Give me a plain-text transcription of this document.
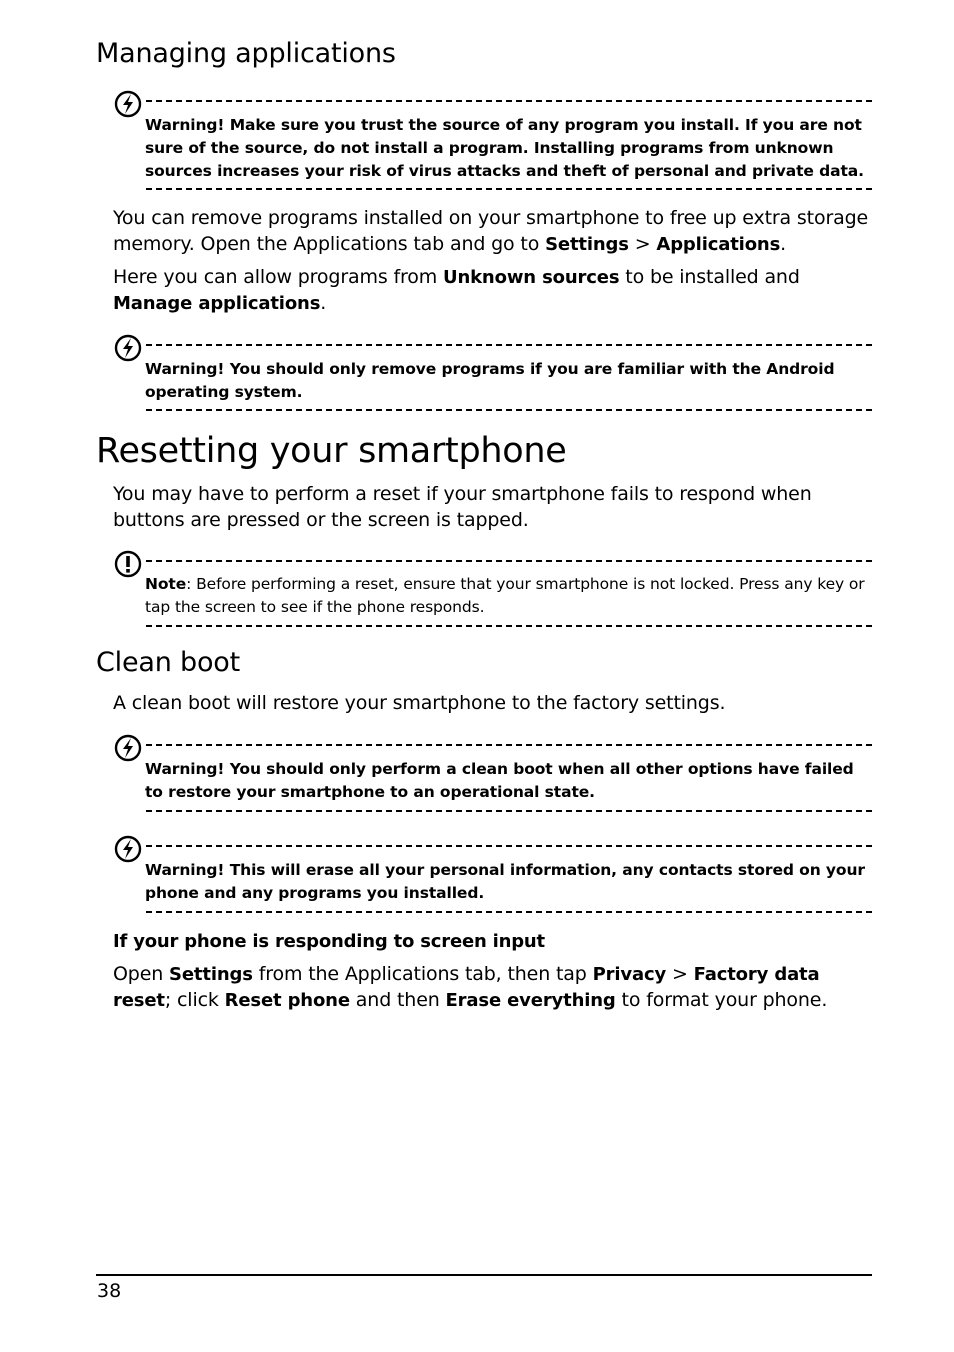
Managing applications
Warning! Make sure you trust the source of any program you install. If you are not sure of the source, do not install a program. Installing programs from unknown sources increases your risk of virus attacks and theft of personal and private data.

You can remove programs installed on your smartphone to free up extra storage memory. Open the Applications tab and go to Settings > Applications.

Here you can allow programs from Unknown sources to be installed and Manage applications.

Warning! You should only remove programs if you are familiar with the Android operating system.
Resetting your smartphone

You may have to perform a reset if your smartphone fails to respond when buttons are pressed or the screen is tapped.

Note: Before performing a reset, ensure that your smartphone is not locked. Press any key or tap the screen to see if the phone responds.
Clean boot

A clean boot will restore your smartphone to the factory settings.

Warning! You should only perform a clean boot when all other options have failed to restore your smartphone to an operational state.
Warning! This will erase all your personal information, any contacts stored on your phone and any programs you installed.
If your phone is responding to screen input

Open Settings from the Applications tab, then tap Privacy > Factory data reset; click Reset phone and then Erase everything to format your phone.

38
